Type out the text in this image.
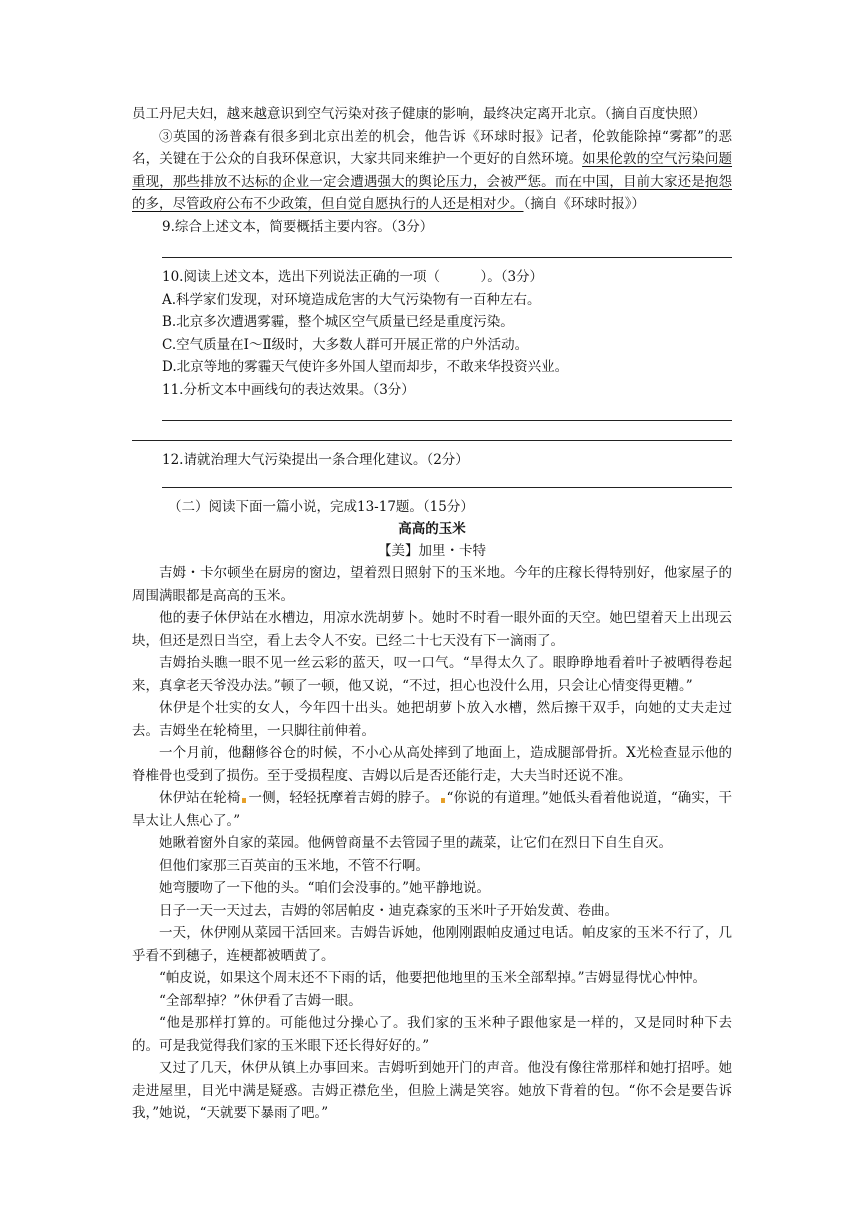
员工丹尼夫妇，越来越意识到空气污染对孩子健康的影响，最终决定离开北京。（摘自百度快照）

③英国的汤普森有很多到北京出差的机会，他告诉《环球时报》记者，伦敦能除掉“雾都”的恶名，关键在于公众的自我环保意识，大家共同来维护一个更好的自然环境。如果伦敦的空气污染问题重现，那些排放不达标的企业一定会遭遇强大的舆论压力，会被严惩。而在中国，目前大家还是抱怨的多，尽管政府公布不少政策，但自觉自愿执行的人还是相对少。（摘自《环球时报》）

9.综合上述文本，简要概括主要内容。（3分）

10.阅读上述文本，选出下列说法正确的一项（　　　）。（3分）

A.科学家们发现，对环境造成危害的大气污染物有一百种左右。

B.北京多次遭遇雾霾，整个城区空气质量已经是重度污染。

C.空气质量在Ⅰ～Ⅱ级时，大多数人群可开展正常的户外活动。

D.北京等地的雾霾天气使许多外国人望而却步，不敢来华投资兴业。

11.分析文本中画线句的表达效果。（3分）

12.请就治理大气污染提出一条合理化建议。（2分）

（二）阅读下面一篇小说，完成13-17题。（15分）

高高的玉米

【美】加里・卡特

吉姆・卡尔顿坐在厨房的窗边，望着烈日照射下的玉米地。今年的庄稼长得特别好，他家屋子的周围满眼都是高高的玉米。

他的妻子休伊站在水槽边，用凉水洗胡萝卜。她时不时看一眼外面的天空。她巴望着天上出现云块，但还是烈日当空，看上去令人不安。已经二十七天没有下一滴雨了。

吉姆抬头瞧一眼不见一丝云彩的蓝天，叹一口气。“旱得太久了。眼睁睁地看着叶子被晒得卷起来，真拿老天爷没办法。”顿了一顿，他又说，“不过，担心也没什么用，只会让心情变得更糟。”

休伊是个壮实的女人，今年四十出头。她把胡萝卜放入水槽，然后擦干双手，向她的丈夫走过去。吉姆坐在轮椅里，一只脚往前伸着。

一个月前，他翻修谷仓的时候，不小心从高处摔到了地面上，造成腿部骨折。X光检查显示他的脊椎骨也受到了损伤。至于受损程度、吉姆以后是否还能行走，大夫当时还说不准。

休伊站在轮椅 一侧，轻轻抚摩着吉姆的脖子。 “你说的有道理。”她低头看着他说道，“确实，干旱太让人焦心了。”

她瞅着窗外自家的菜园。他俩曾商量不去管园子里的蔬菜，让它们在烈日下自生自灭。

但他们家那三百英亩的玉米地，不管不行啊。

她弯腰吻了一下他的头。“咱们会没事的。”她平静地说。

日子一天一天过去，吉姆的邻居帕皮・迪克森家的玉米叶子开始发黄、卷曲。

一天，休伊刚从菜园干活回来。吉姆告诉她，他刚刚跟帕皮通过电话。帕皮家的玉米不行了，几乎看不到穗子，连梗都被晒黄了。

“帕皮说，如果这个周末还不下雨的话，他要把他地里的玉米全部犁掉。”吉姆显得忧心忡忡。

“全部犁掉？”休伊看了吉姆一眼。

“他是那样打算的。可能他过分操心了。我们家的玉米种子跟他家是一样的，又是同时种下去的。可是我觉得我们家的玉米眼下还长得好好的。”

又过了几天，休伊从镇上办事回来。吉姆听到她开门的声音。他没有像往常那样和她打招呼。她走进屋里，目光中满是疑惑。吉姆正襟危坐，但脸上满是笑容。她放下背着的包。“你不会是要告诉我，”她说，“天就要下暴雨了吧。”
